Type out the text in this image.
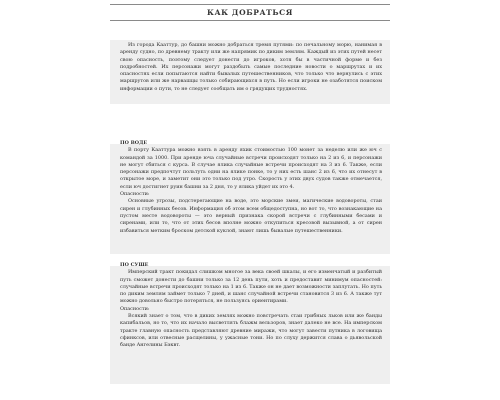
КАК ДОБРАТЬСЯ

Из города Кааттур, до башни можно добраться тремя путями: по печальному морю, нанимая в аренду судно, по древнему тракту или же напрямик по диким землям. Каждый из этих путей несет свою опасность, поэтому следует донести до игроков, хотя бы в частичной форме и без подробностей. Их персонажи могут раздобыть самые последние новости о маршрутах и их опасностях если попытаются найти бывалых путешественников, что только что вернулись с этих маршрутов или же нарвашцы только собирающихся в путь. Но если игроки не озаботятся поиском информации о пути, то не следует сообщать им о грядущих трудностях.

ПО ВОДЕ

В порту Кааттура можно взять в аренду яхик стоимостью 100 монет за неделю или же юч с командой за 1000. При аренде юча случайные встречи происходят только на 2 из 6, и персонажи не могут сбиться с курса. В случае ялика случайные встречи происходят на 3 из 6. Также, если персонажи предпочтут польтуть одни на ялике понке, то у них есть шанс 2 из 6, что их отнесут в открытое море, и заметит они это только под утро. Скорость у этих двух судов также отмечается, если юч достигнет руин башни за 2 дня, то у ялика уйдет их это 4.

Опасности:

Основные угрозы, подстерегающие на воде, это морские змеи, магические водовороты, стаи сирен и глубинных бесов. Информация об этом всем общедоступна, но вот то, что вознакающие на пустом месте водовороты — это верный признака скорой встречи с глубинными бесами и сиренами, или то, что от этих бесов вполне можно откупиться кресовой вызывной, а от сирен избавиться метким броском детской куклой, знают лишь бывалые путешественники.

ПО СУШЕ

Имперский тракт покидал слишком многое за века своей шкалы, и его изменчатый и разбитый путь сможет донести до башни только за 12 день пути, хоть и предоставит минимум опасностей: случайные встречи происходят только на 1 из 6. Также он не дает возможности заплутать. Но путь по диким землям займет только 7 дней, и шанс случайной встречи становится 3 из 6. А также тут можно довольно быстро потеряться, не пользуясь ориентирами.

Опасности:

Всякий знает о том, что в диких землях можно повстречать стаи грибных льков или же банды капибальов, но то, что их начало высветлять блажм вельзоров, знает далеко не все. На имперском тракте главную опасность представляют древние миражи, что могут завести путника в логовища сфинксов, или отвесные расщелины, у ужасные тони. Но по слуху держится слава о дьявольской банде Ангелины Бэквт.
